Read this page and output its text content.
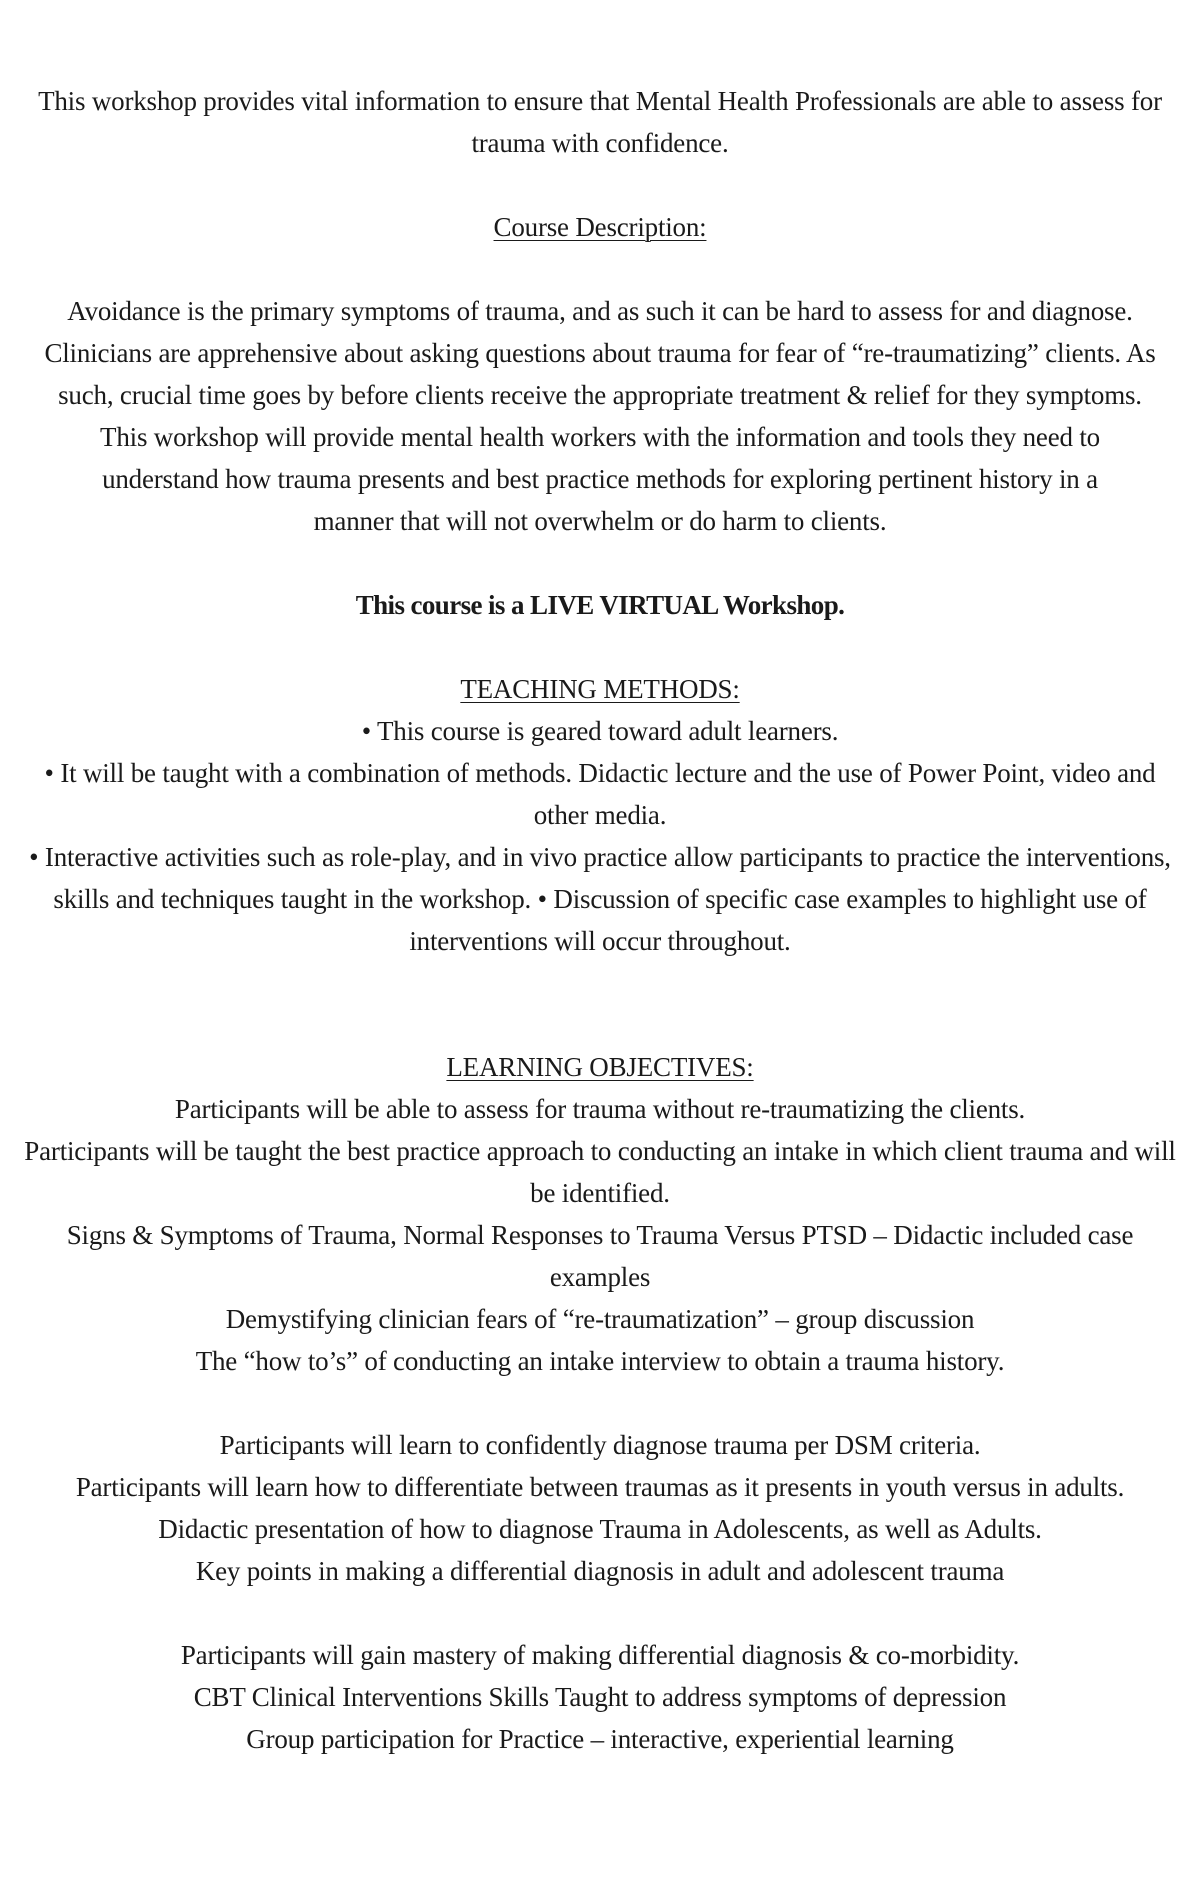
This workshop provides vital information to ensure that Mental Health Professionals are able to assess for trauma with confidence.

Course Description:

Avoidance is the primary symptoms of trauma, and as such it can be hard to assess for and diagnose. Clinicians are apprehensive about asking questions about trauma for fear of “re-traumatizing” clients. As such, crucial time goes by before clients receive the appropriate treatment & relief for they symptoms.

This workshop will provide mental health workers with the information and tools they need to understand how trauma presents and best practice methods for exploring pertinent history in a manner that will not overwhelm or do harm to clients.

This course is a LIVE VIRTUAL Workshop.

TEACHING METHODS:

• This course is geared toward adult learners.

• It will be taught with a combination of methods. Didactic lecture and the use of Power Point, video and other media.

• Interactive activities such as role-play, and in vivo practice allow participants to practice the interventions, skills and techniques taught in the workshop. • Discussion of specific case examples to highlight use of interventions will occur throughout.

LEARNING OBJECTIVES:

Participants will be able to assess for trauma without re-traumatizing the clients.

Participants will be taught the best practice approach to conducting an intake in which client trauma and will be identified.

Signs & Symptoms of Trauma, Normal Responses to Trauma Versus PTSD – Didactic included case examples

Demystifying clinician fears of “re-traumatization” – group discussion

The “how to’s” of conducting an intake interview to obtain a trauma history.

Participants will learn to confidently diagnose trauma per DSM criteria.

Participants will learn how to differentiate between traumas as it presents in youth versus in adults.

Didactic presentation of how to diagnose Trauma in Adolescents, as well as Adults.

Key points in making a differential diagnosis in adult and adolescent trauma

Participants will gain mastery of making differential diagnosis & co-morbidity.

CBT Clinical Interventions Skills Taught to address symptoms of depression

Group participation for Practice – interactive, experiential learning
